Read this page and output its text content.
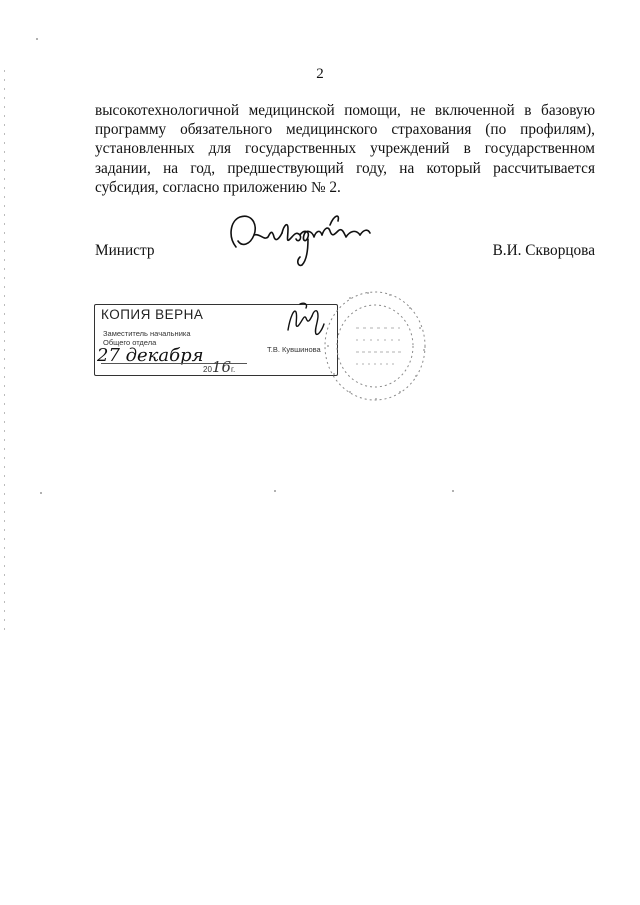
2
высокотехнологичной медицинской помощи, не включенной в базовую
программу обязательного медицинского страхования (по профилям),
установленных для государственных учреждений в государственном
задании, на год, предшествующий году, на который рассчитывается
субсидия, согласно приложению № 2.
Министр	В.И. Скворцова
КОПИЯ ВЕРНА
Заместитель начальника
Общего отдела
27 декабря
2016г.
Т.В. Кувшинова
